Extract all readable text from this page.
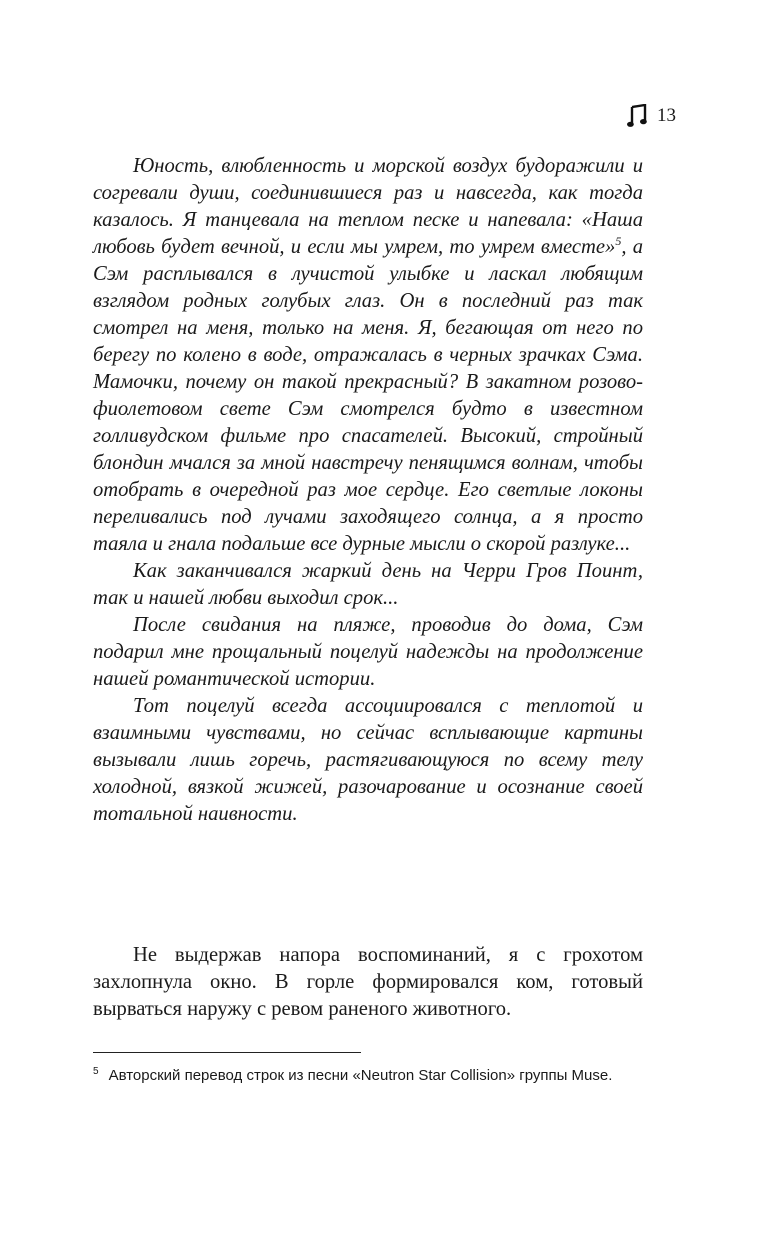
13

Юность, влюбленность и морской воздух будоражили и согревали души, соединившиеся раз и навсегда, как тогда казалось. Я танцевала на теплом песке и напевала: «Наша любовь будет вечной, и если мы умрем, то умрем вместе»$^5$, а Сэм расплывался в лучистой улыбке и ласкал любящим взглядом родных голубых глаз. Он в последний раз так смотрел на меня, только на меня. Я, бегающая от него по берегу по колено в воде, отражалась в черных зрачках Сэма. Мамочки, почему он такой прекрасный? В закатном розово-фиолетовом свете Сэм смотрелся будто в известном голливудском фильме про спасателей. Высокий, стройный блондин мчался за мной навстречу пенящимся волнам, чтобы отобрать в очередной раз мое сердце. Его светлые локоны переливались под лучами заходящего солнца, а я просто таяла и гнала подальше все дурные мысли о скорой разлуке...

Как заканчивался жаркий день на Черри Гров Поинт, так и нашей любви выходил срок...

После свидания на пляже, проводив до дома, Сэм подарил мне прощальный поцелуй надежды на продолжение нашей романтической истории.

Тот поцелуй всегда ассоциировался с теплотой и взаимными чувствами, но сейчас всплывающие картины вызывали лишь горечь, растягивающуюся по всему телу холодной, вязкой жижей, разочарование и осознание своей тотальной наивности.

Не выдержав напора воспоминаний, я с грохотом захлопнула окно. В горле формировался ком, готовый вырваться наружу с ревом раненого животного.

$^5$ Авторский перевод строк из песни «Neutron Star Collision» группы Muse.
